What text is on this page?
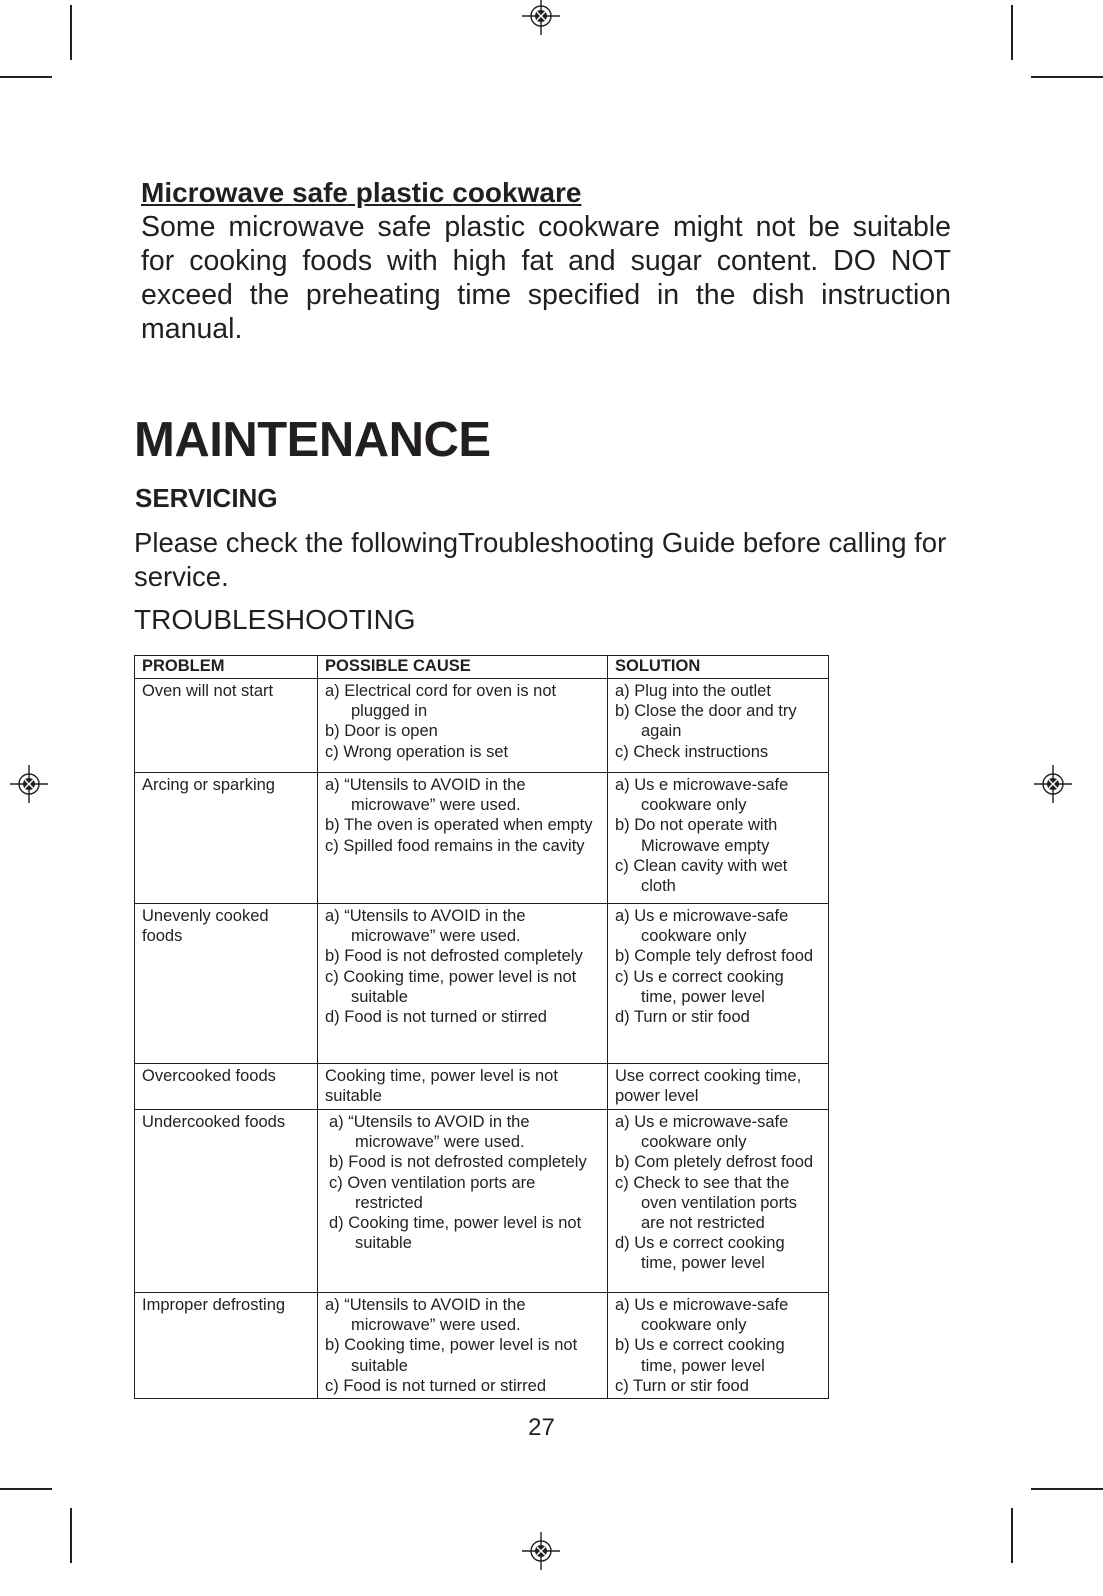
Microwave safe plastic cookware

Some microwave safe plastic cookware might not be suitable
for cooking foods with high fat and sugar content. DO NOT
exceed the preheating time specified in the dish instruction
manual.

MAINTENANCE
SERVICING

Please check the followingTroubleshooting Guide before calling for service.

TROUBLESHOOTING

PROBLEM	POSSIBLE CAUSE	SOLUTION
Oven will not start	a) Electrical cord for oven is not plugged in
b) Door is open
c) Wrong operation is set	a) Plug into the outlet
b) Close the door and try again
c) Check instructions

Arcing or sparking	a) “Utensils to AVOID in the microwave” were used.
b) The oven is operated when empty
c) Spilled food remains in the cavity	a) Us e microwave-safe cookware only
b) Do not operate with Microwave empty
c) Clean cavity with wet cloth

Unevenly cooked foods	a) “Utensils to AVOID in the microwave” were used.
b) Food is not defrosted completely
c) Cooking time, power level is not suitable
d) Food is not turned or stirred	a) Us e microwave-safe cookware only
b) Comple tely defrost food
c) Us e correct cooking time, power level
d) Turn or stir food

Overcooked foods	Cooking time, power level is not suitable	Use correct cooking time, power level
Undercooked foods	a) “Utensils to AVOID in the microwave” were used.
b) Food is not defrosted completely
c) Oven ventilation ports are restricted
d) Cooking time, power level is not suitable	a) Us e microwave-safe cookware only
b) Com pletely defrost food
c) Check to see that the oven ventilation ports are not restricted
d) Us e correct cooking time, power level

Improper defrosting	a) “Utensils to AVOID in the microwave” were used.
b) Cooking time, power level is not suitable
c) Food is not turned or stirred	a) Us e microwave-safe cookware only
b) Us e correct cooking time, power level
c) Turn or stir food

27
